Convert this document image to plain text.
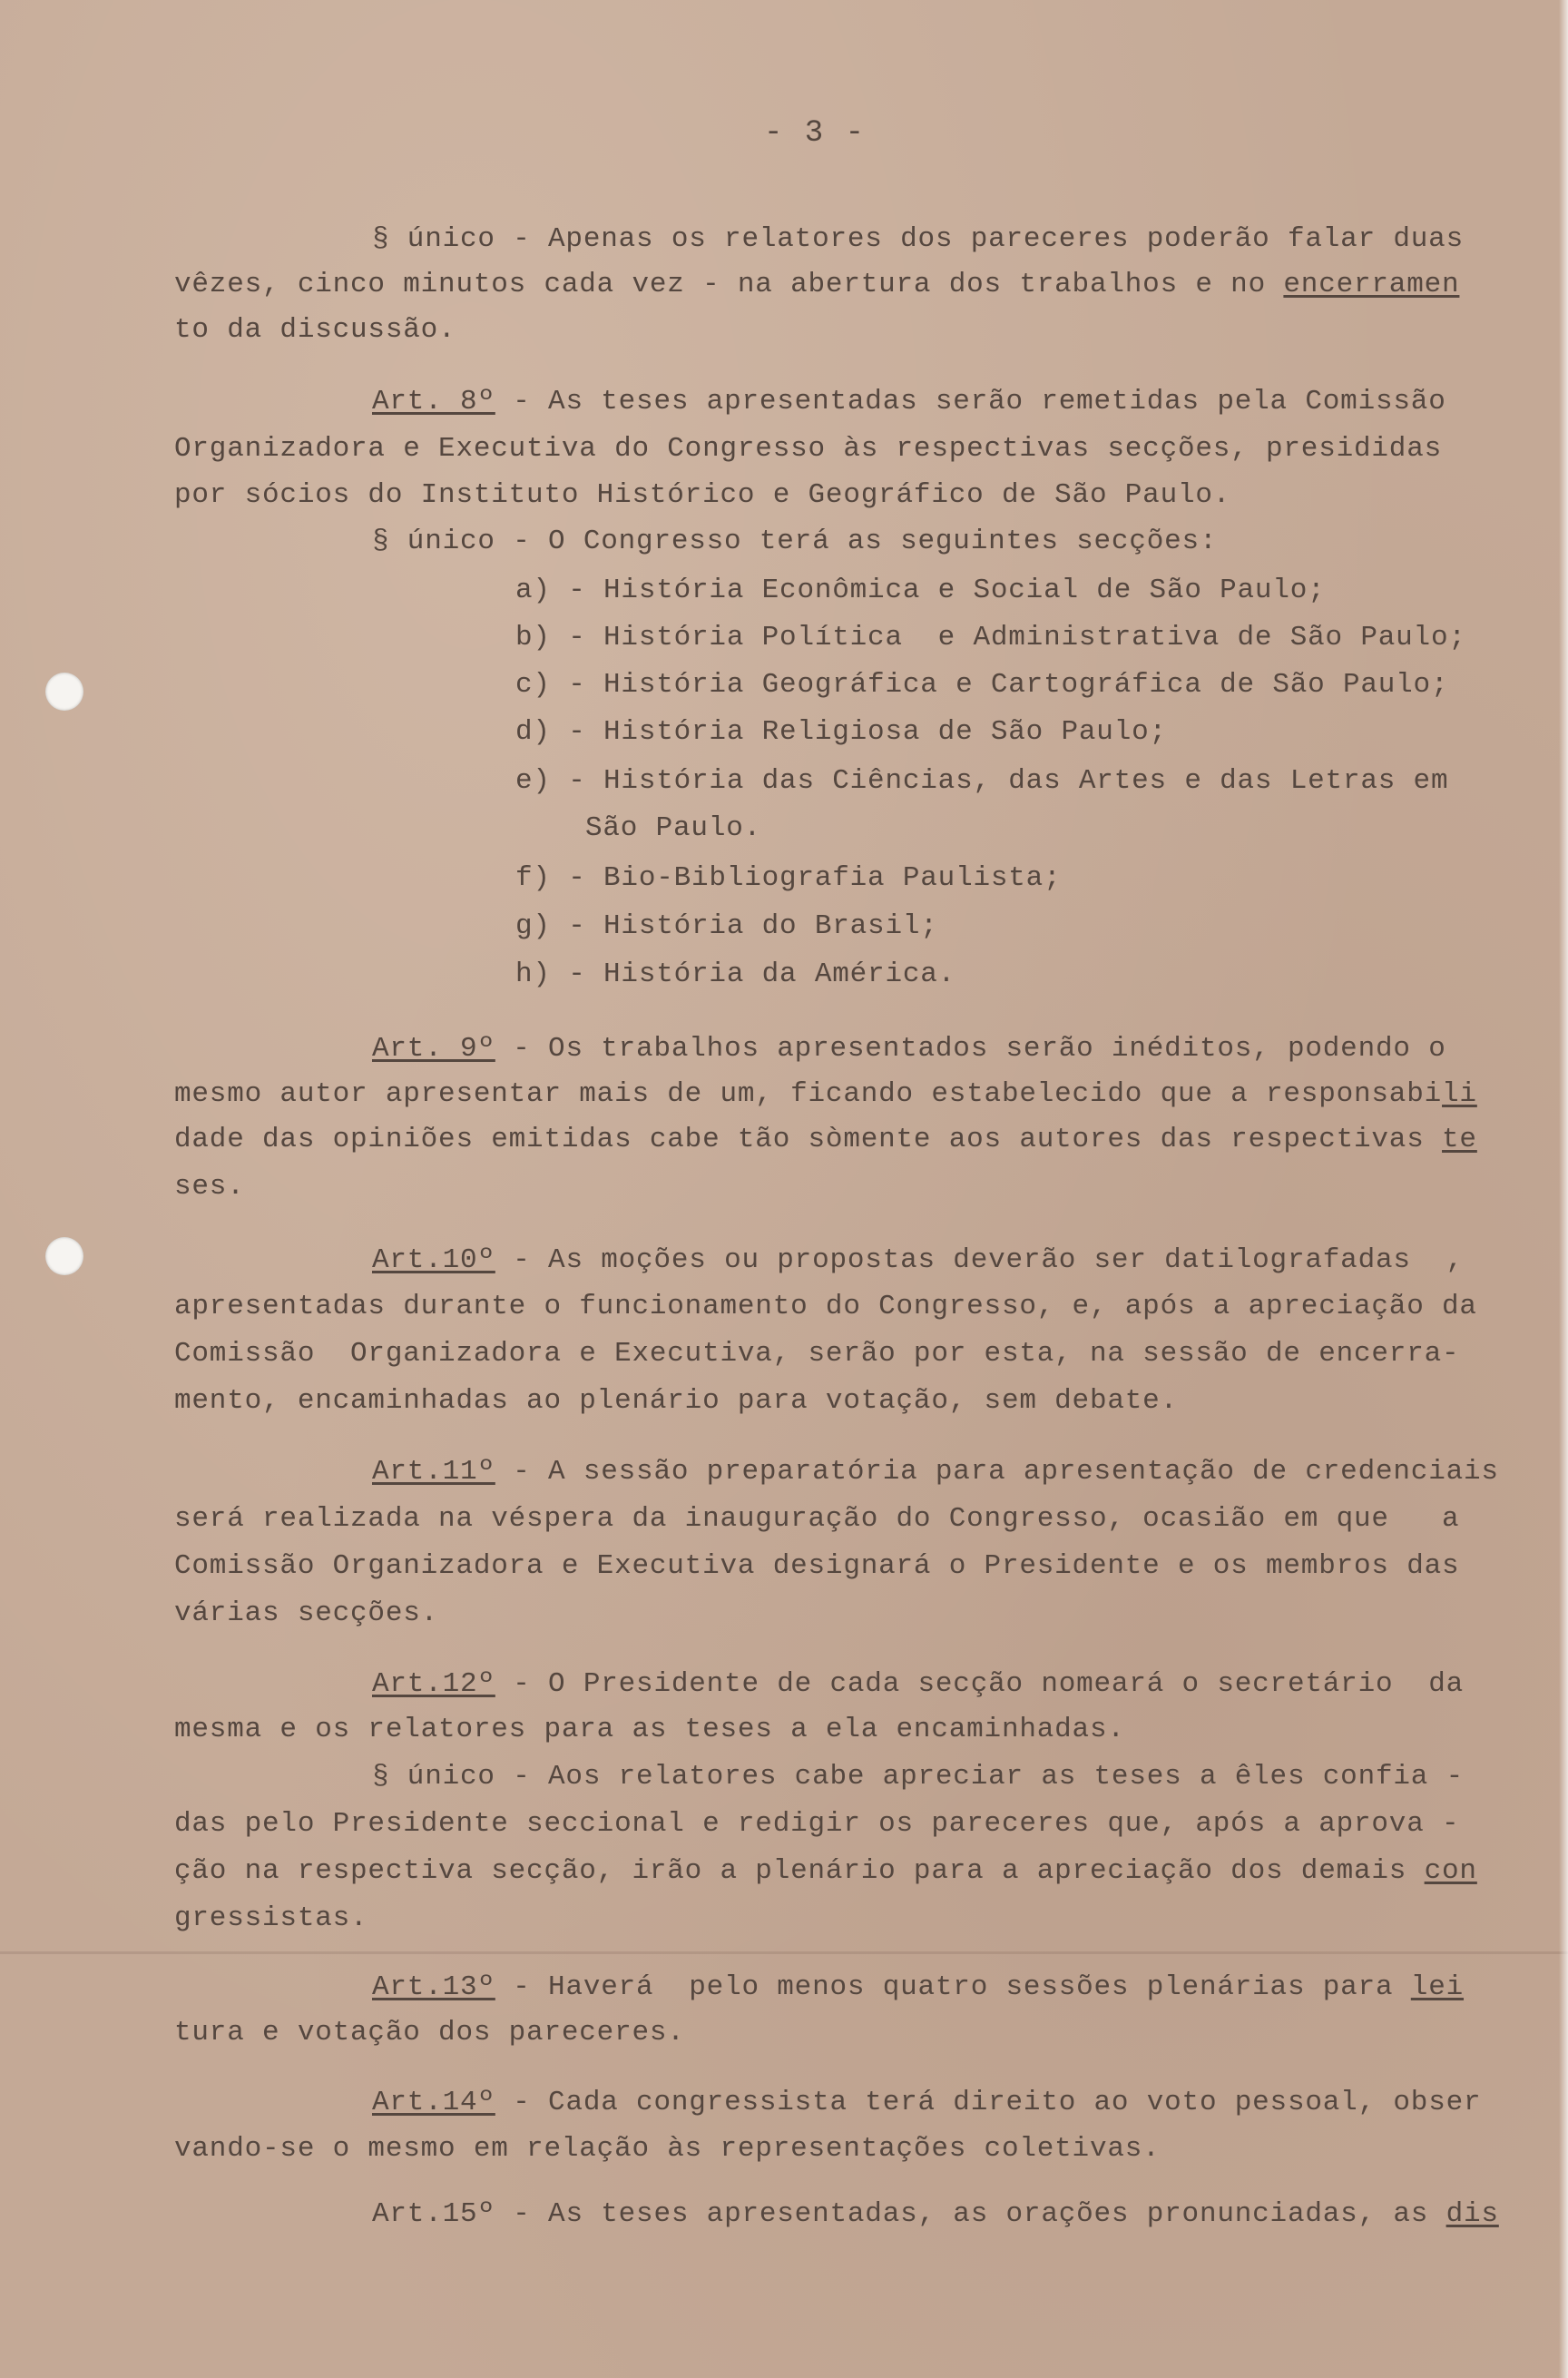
- 3 -
§ único - Apenas os relatores dos pareceres poderão falar duas
vêzes, cinco minutos cada vez - na abertura dos trabalhos e no encerramen
to da discussão.
Art. 8º - As teses apresentadas serão remetidas pela Comissão
Organizadora e Executiva do Congresso às respectivas secções, presididas
por sócios do Instituto Histórico e Geográfico de São Paulo.
§ único - O Congresso terá as seguintes secções:
a) - História Econômica e Social de São Paulo;
b) - História Política  e Administrativa de São Paulo;
c) - História Geográfica e Cartográfica de São Paulo;
d) - História Religiosa de São Paulo;
e) - História das Ciências, das Artes e das Letras em
São Paulo.
f) - Bio-Bibliografia Paulista;
g) - História do Brasil;
h) - História da América.
Art. 9º - Os trabalhos apresentados serão inéditos, podendo o
mesmo autor apresentar mais de um, ficando estabelecido que a responsabili
dade das opiniões emitidas cabe tão sòmente aos autores das respectivas te
ses.
Art.10º - As moções ou propostas deverão ser datilografadas  ,
apresentadas durante o funcionamento do Congresso, e, após a apreciação da
Comissão  Organizadora e Executiva, serão por esta, na sessão de encerra-
mento, encaminhadas ao plenário para votação, sem debate.
Art.11º - A sessão preparatória para apresentação de credenciais
será realizada na véspera da inauguração do Congresso, ocasião em que   a
Comissão Organizadora e Executiva designará o Presidente e os membros das
várias secções.
Art.12º - O Presidente de cada secção nomeará o secretário  da
mesma e os relatores para as teses a ela encaminhadas.
§ único - Aos relatores cabe apreciar as teses a êles confia -
das pelo Presidente seccional e redigir os pareceres que, após a aprova -
ção na respectiva secção, irão a plenário para a apreciação dos demais con
gressistas.
Art.13º - Haverá  pelo menos quatro sessões plenárias para lei
tura e votação dos pareceres.
Art.14º - Cada congressista terá direito ao voto pessoal, obser
vando-se o mesmo em relação às representações coletivas.
Art.15º - As teses apresentadas, as orações pronunciadas, as dis
